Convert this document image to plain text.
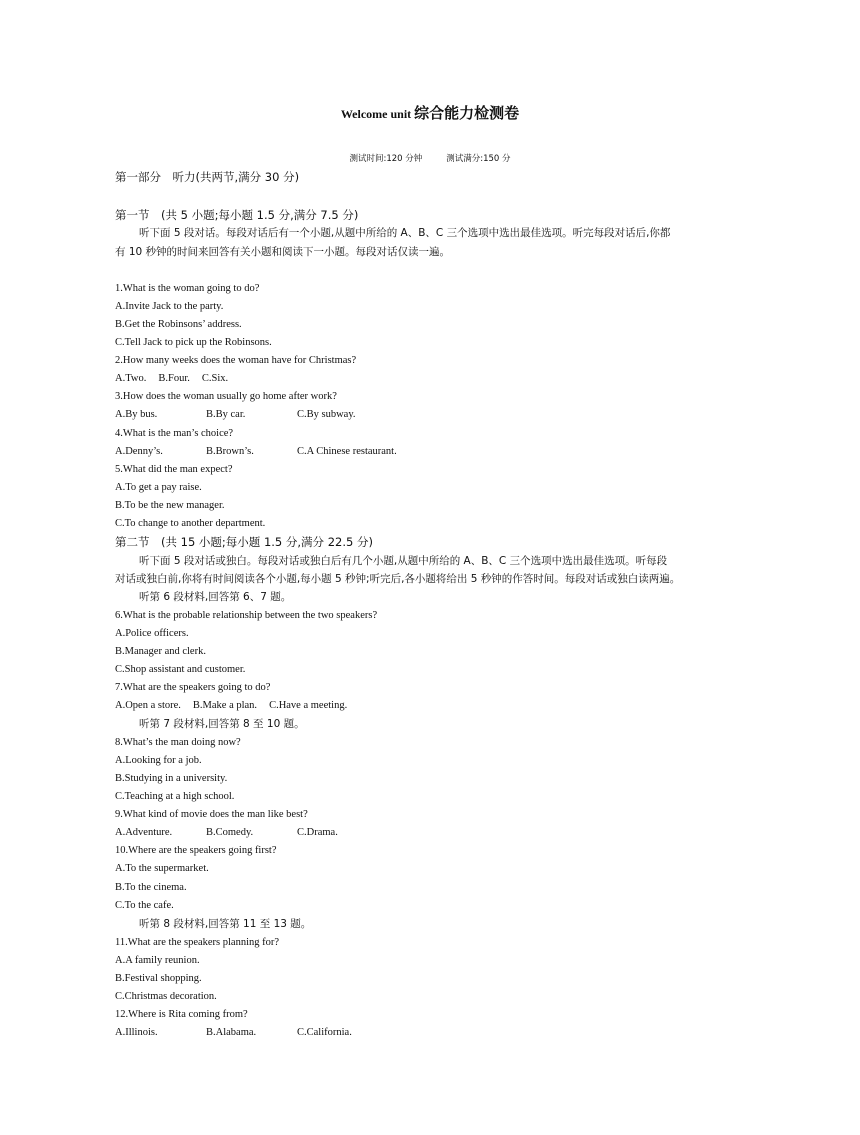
Welcome unit 综合能力检测卷
测试时间:120 分钟	测试满分:150 分
第一部分　听力(共两节,满分 30 分)
第一节　(共 5 小题;每小题 1.5 分,满分 7.5 分)
听下面 5 段对话。每段对话后有一个小题,从题中所给的 A、B、C 三个选项中选出最佳选项。听完每段对话后,你都
有 10 秒钟的时间来回答有关小题和阅读下一小题。每段对话仅读一遍。
1.What is the woman going to do?
A.Invite Jack to the party.
B.Get the Robinsons’ address.
C.Tell Jack to pick up the Robinsons.
2.How many weeks does the woman have for Christmas?
A.Two. B.Four. C.Six.
3.How does the woman usually go home after work?
A.By bus.	B.By car.	C.By subway.
4.What is the man’s choice?
A.Denny’s.	B.Brown’s.	C.A Chinese restaurant.
5.What did the man expect?
A.To get a pay raise.
B.To be the new manager.
C.To change to another department.
第二节　(共 15 小题;每小题 1.5 分,满分 22.5 分)
听下面 5 段对话或独白。每段对话或独白后有几个小题,从题中所给的 A、B、C 三个选项中选出最佳选项。听每段
对话或独白前,你将有时间阅读各个小题,每小题 5 秒钟;听完后,各小题将给出 5 秒钟的作答时间。每段对话或独白读两遍。
听第 6 段材料,回答第 6、7 题。
6.What is the probable relationship between the two speakers?
A.Police officers.
B.Manager and clerk.
C.Shop assistant and customer.
7.What are the speakers going to do?
A.Open a store. B.Make a plan. C.Have a meeting.
听第 7 段材料,回答第 8 至 10 题。
8.What’s the man doing now?
A.Looking for a job.
B.Studying in a university.
C.Teaching at a high school.
9.What kind of movie does the man like best?
A.Adventure.	B.Comedy.	C.Drama.
10.Where are the speakers going first?
A.To the supermarket.
B.To the cinema.
C.To the cafe.
听第 8 段材料,回答第 11 至 13 题。
11.What are the speakers planning for?
A.A family reunion.
B.Festival shopping.
C.Christmas decoration.
12.Where is Rita coming from?
A.Illinois.	B.Alabama.	C.California.
